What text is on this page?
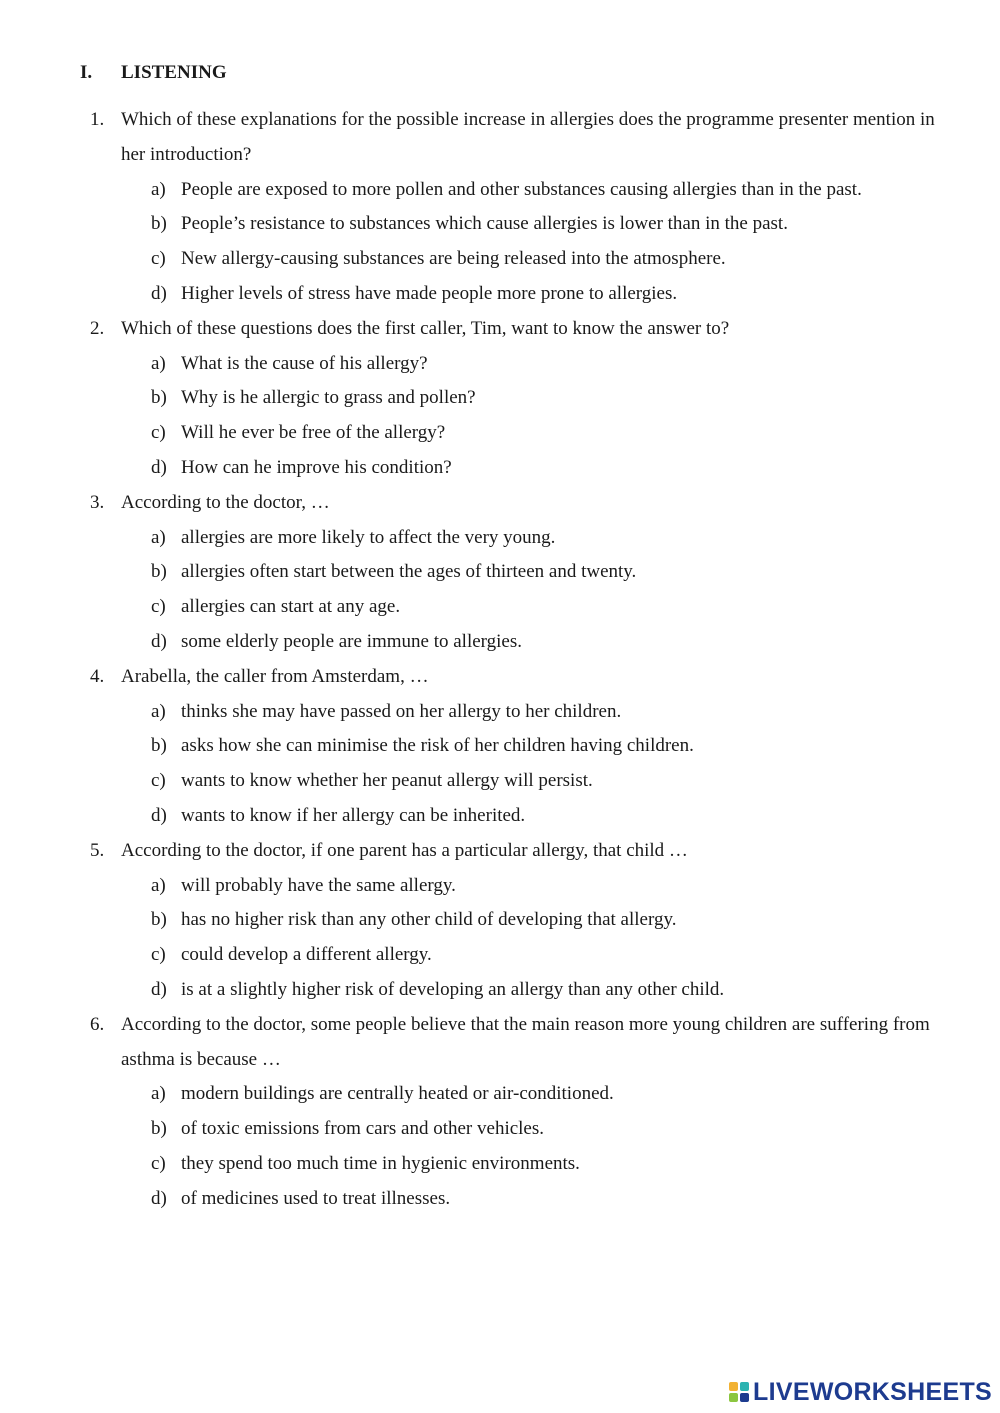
I.	LISTENING
1. Which of these explanations for the possible increase in allergies does the programme presenter mention in her introduction?
a) People are exposed to more pollen and other substances causing allergies than in the past.
b) People’s resistance to substances which cause allergies is lower than in the past.
c) New allergy-causing substances are being released into the atmosphere.
d) Higher levels of stress have made people more prone to allergies.
2. Which of these questions does the first caller, Tim, want to know the answer to?
a) What is the cause of his allergy?
b) Why is he allergic to grass and pollen?
c) Will he ever be free of the allergy?
d) How can he improve his condition?
3. According to the doctor, …
a) allergies are more likely to affect the very young.
b) allergies often start between the ages of thirteen and twenty.
c) allergies can start at any age.
d) some elderly people are immune to allergies.
4. Arabella, the caller from Amsterdam, …
a) thinks she may have passed on her allergy to her children.
b) asks how she can minimise the risk of her children having children.
c) wants to know whether her peanut allergy will persist.
d) wants to know if her allergy can be inherited.
5. According to the doctor, if one parent has a particular allergy, that child …
a) will probably have the same allergy.
b) has no higher risk than any other child of developing that allergy.
c) could develop a different allergy.
d) is at a slightly higher risk of developing an allergy than any other child.
6. According to the doctor, some people believe that the main reason more young children are suffering from asthma is because …
a) modern buildings are centrally heated or air-conditioned.
b) of toxic emissions from cars and other vehicles.
c) they spend too much time in hygienic environments.
d) of medicines used to treat illnesses.
LIVEWORKSHEETS
